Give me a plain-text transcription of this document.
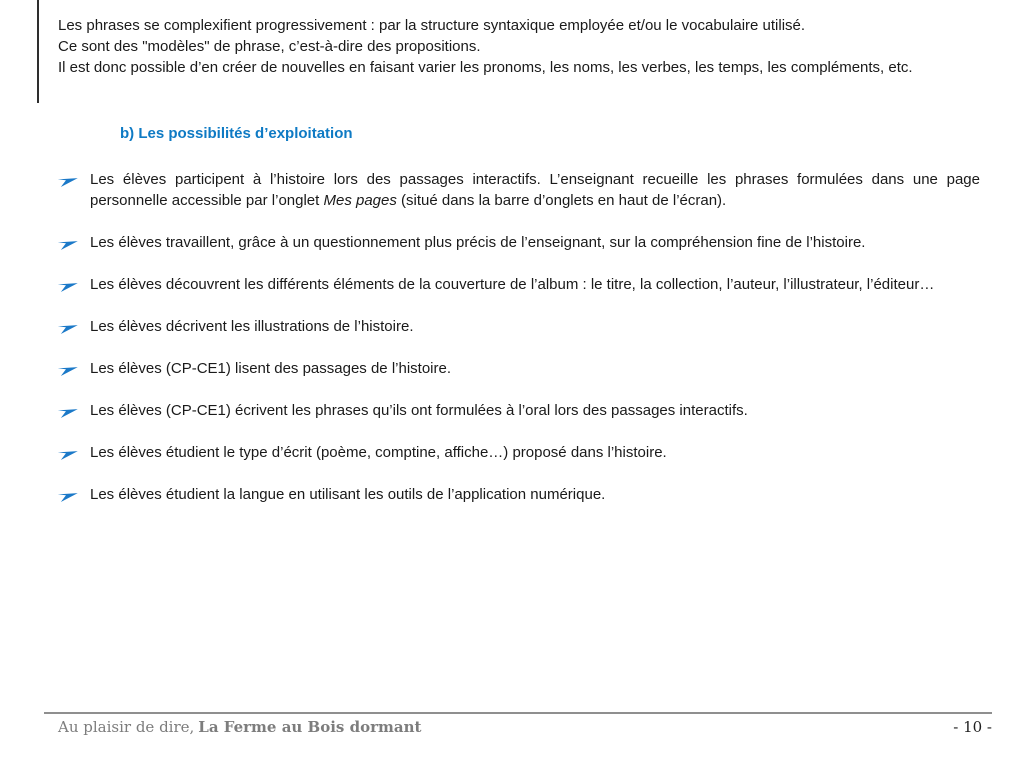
Les phrases se complexifient progressivement : par la structure syntaxique employée et/ou le vocabulaire utilisé.

Ce sont des "modèles" de phrase, c’est-à-dire des propositions.

Il est donc possible d’en créer de nouvelles en faisant varier les pronoms, les noms, les verbes, les temps, les compléments, etc.

b) Les possibilités d’exploitation
Les élèves participent à l’histoire lors des passages interactifs. L’enseignant recueille les phrases formulées dans une page personnelle accessible par l’onglet Mes pages (situé dans la barre d’onglets en haut de l’écran).
Les élèves travaillent, grâce à un questionnement plus précis de l’enseignant, sur la compréhension fine de l’histoire.
Les élèves découvrent les différents éléments de la couverture de l’album : le titre, la collection, l’auteur, l’illustrateur, l’éditeur…
Les élèves décrivent les illustrations de l’histoire.
Les élèves (CP-CE1) lisent des passages de l’histoire.
Les élèves (CP-CE1) écrivent les phrases qu’ils ont formulées à l’oral lors des passages interactifs.
Les élèves étudient le type d’écrit (poème, comptine, affiche…) proposé dans l’histoire.
Les élèves étudient la langue en utilisant les outils de l’application numérique.
Au plaisir de dire, La Ferme au Bois dormant	- 10 -
